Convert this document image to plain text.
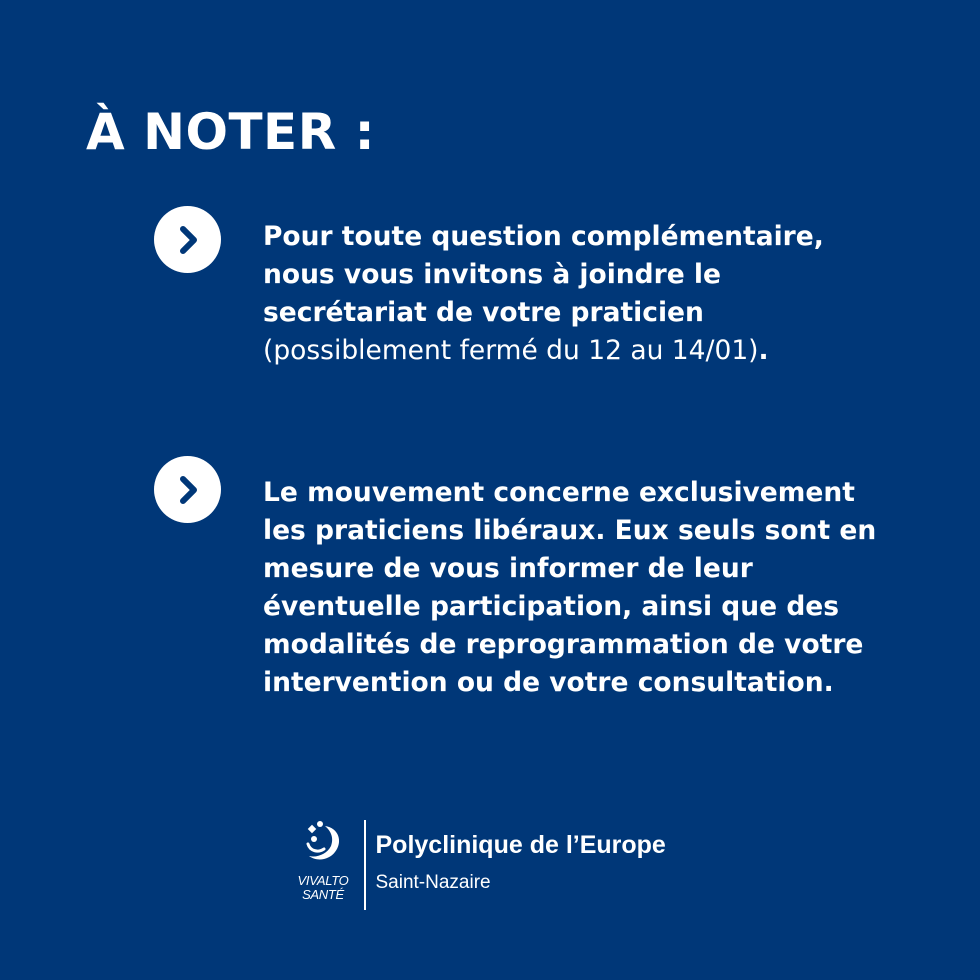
À NOTER :

Pour toute question complémentaire, nous vous invitons à joindre le secrétariat de votre praticien (possiblement fermé du 12 au 14/01).

Le mouvement concerne exclusivement les praticiens libéraux. Eux seuls sont en mesure de vous informer de leur éventuelle participation, ainsi que des modalités de reprogrammation de votre intervention ou de votre consultation.

VIVALTO
SANTÉ
Polyclinique de l’Europe
Saint-Nazaire
